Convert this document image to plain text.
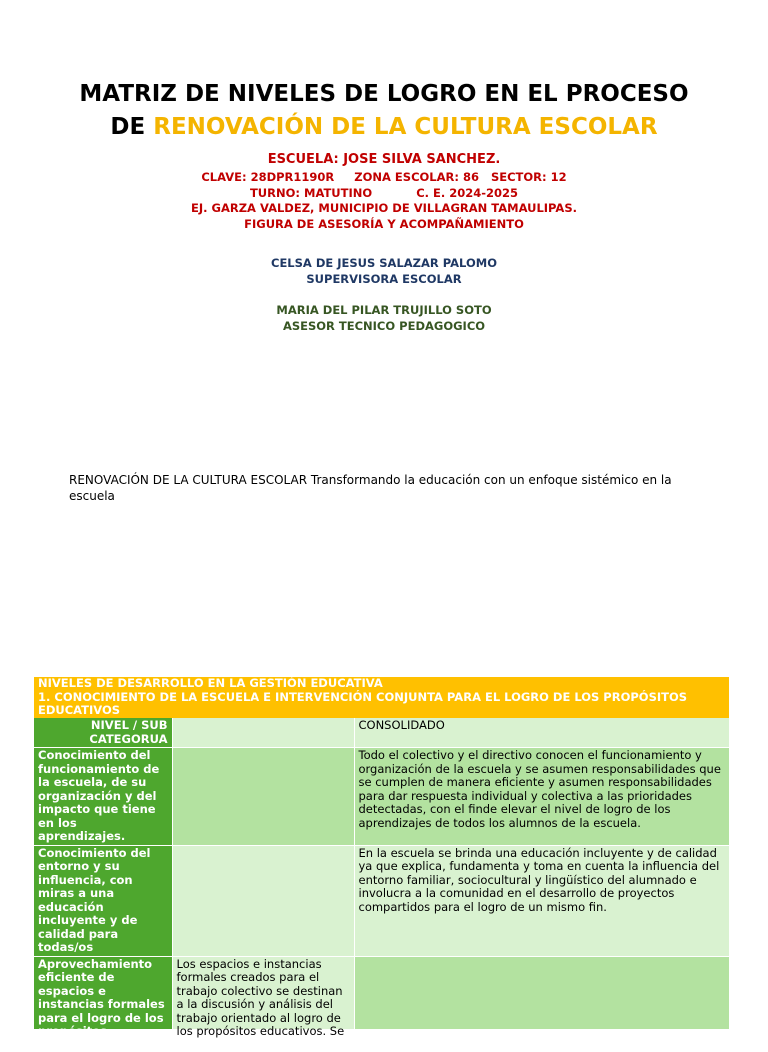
MATRIZ DE NIVELES DE LOGRO EN EL PROCESO
DE RENOVACIÓN DE LA CULTURA ESCOLAR
ESCUELA: JOSE SILVA SANCHEZ.
CLAVE: 28DPR1190R     ZONA ESCOLAR: 86   SECTOR: 12
TURNO: MATUTINO           C. E. 2024-2025
EJ. GARZA VALDEZ, MUNICIPIO DE VILLAGRAN TAMAULIPAS.
FIGURA DE ASESORÍA Y ACOMPAÑAMIENTO
CELSA DE JESUS SALAZAR PALOMO
SUPERVISORA ESCOLAR
MARIA DEL PILAR TRUJILLO SOTO
ASESOR TECNICO PEDAGOGICO
RENOVACIÓN DE LA CULTURA ESCOLAR Transformando la educación con un enfoque sistémico en la escuela
NIVELES DE DESARROLLO EN LA GESTIÓN EDUCATIVA		
1. CONOCIMIENTO DE LA ESCUELA E INTERVENCIÓN CONJUNTA PARA EL LOGRO DE LOS PROPÓSITOS EDUCATIVOS		
NIVEL / SUB CATEGORUA		CONSOLIDADO
Conocimiento del funcionamiento de la escuela, de su organización y del impacto que tiene en los aprendizajes.		Todo el colectivo y el directivo conocen el funcionamiento y organización de la escuela y se asumen responsabilidades que se cumplen de manera eficiente y asumen responsabilidades para dar respuesta individual y colectiva a las prioridades detectadas, con el finde elevar el nivel de logro de los aprendizajes de todos los alumnos de la escuela.
Conocimiento del entorno y su influencia, con miras a una educación incluyente y de calidad para todas/os		En la escuela se brinda una educación incluyente y de calidad ya que explica, fundamenta y toma en cuenta la influencia del entorno familiar, sociocultural y lingüístico del alumnado e involucra a la comunidad en el desarrollo de proyectos compartidos para el logro de un mismo fin.

Aprovechamiento eficiente de espacios e instancias formales para el logro de los propósitos educativos	Los espacios e instancias formales creados para el trabajo colectivo se destinan a la discusión y análisis del trabajo orientado al logro de los propósitos educativos. Se	
